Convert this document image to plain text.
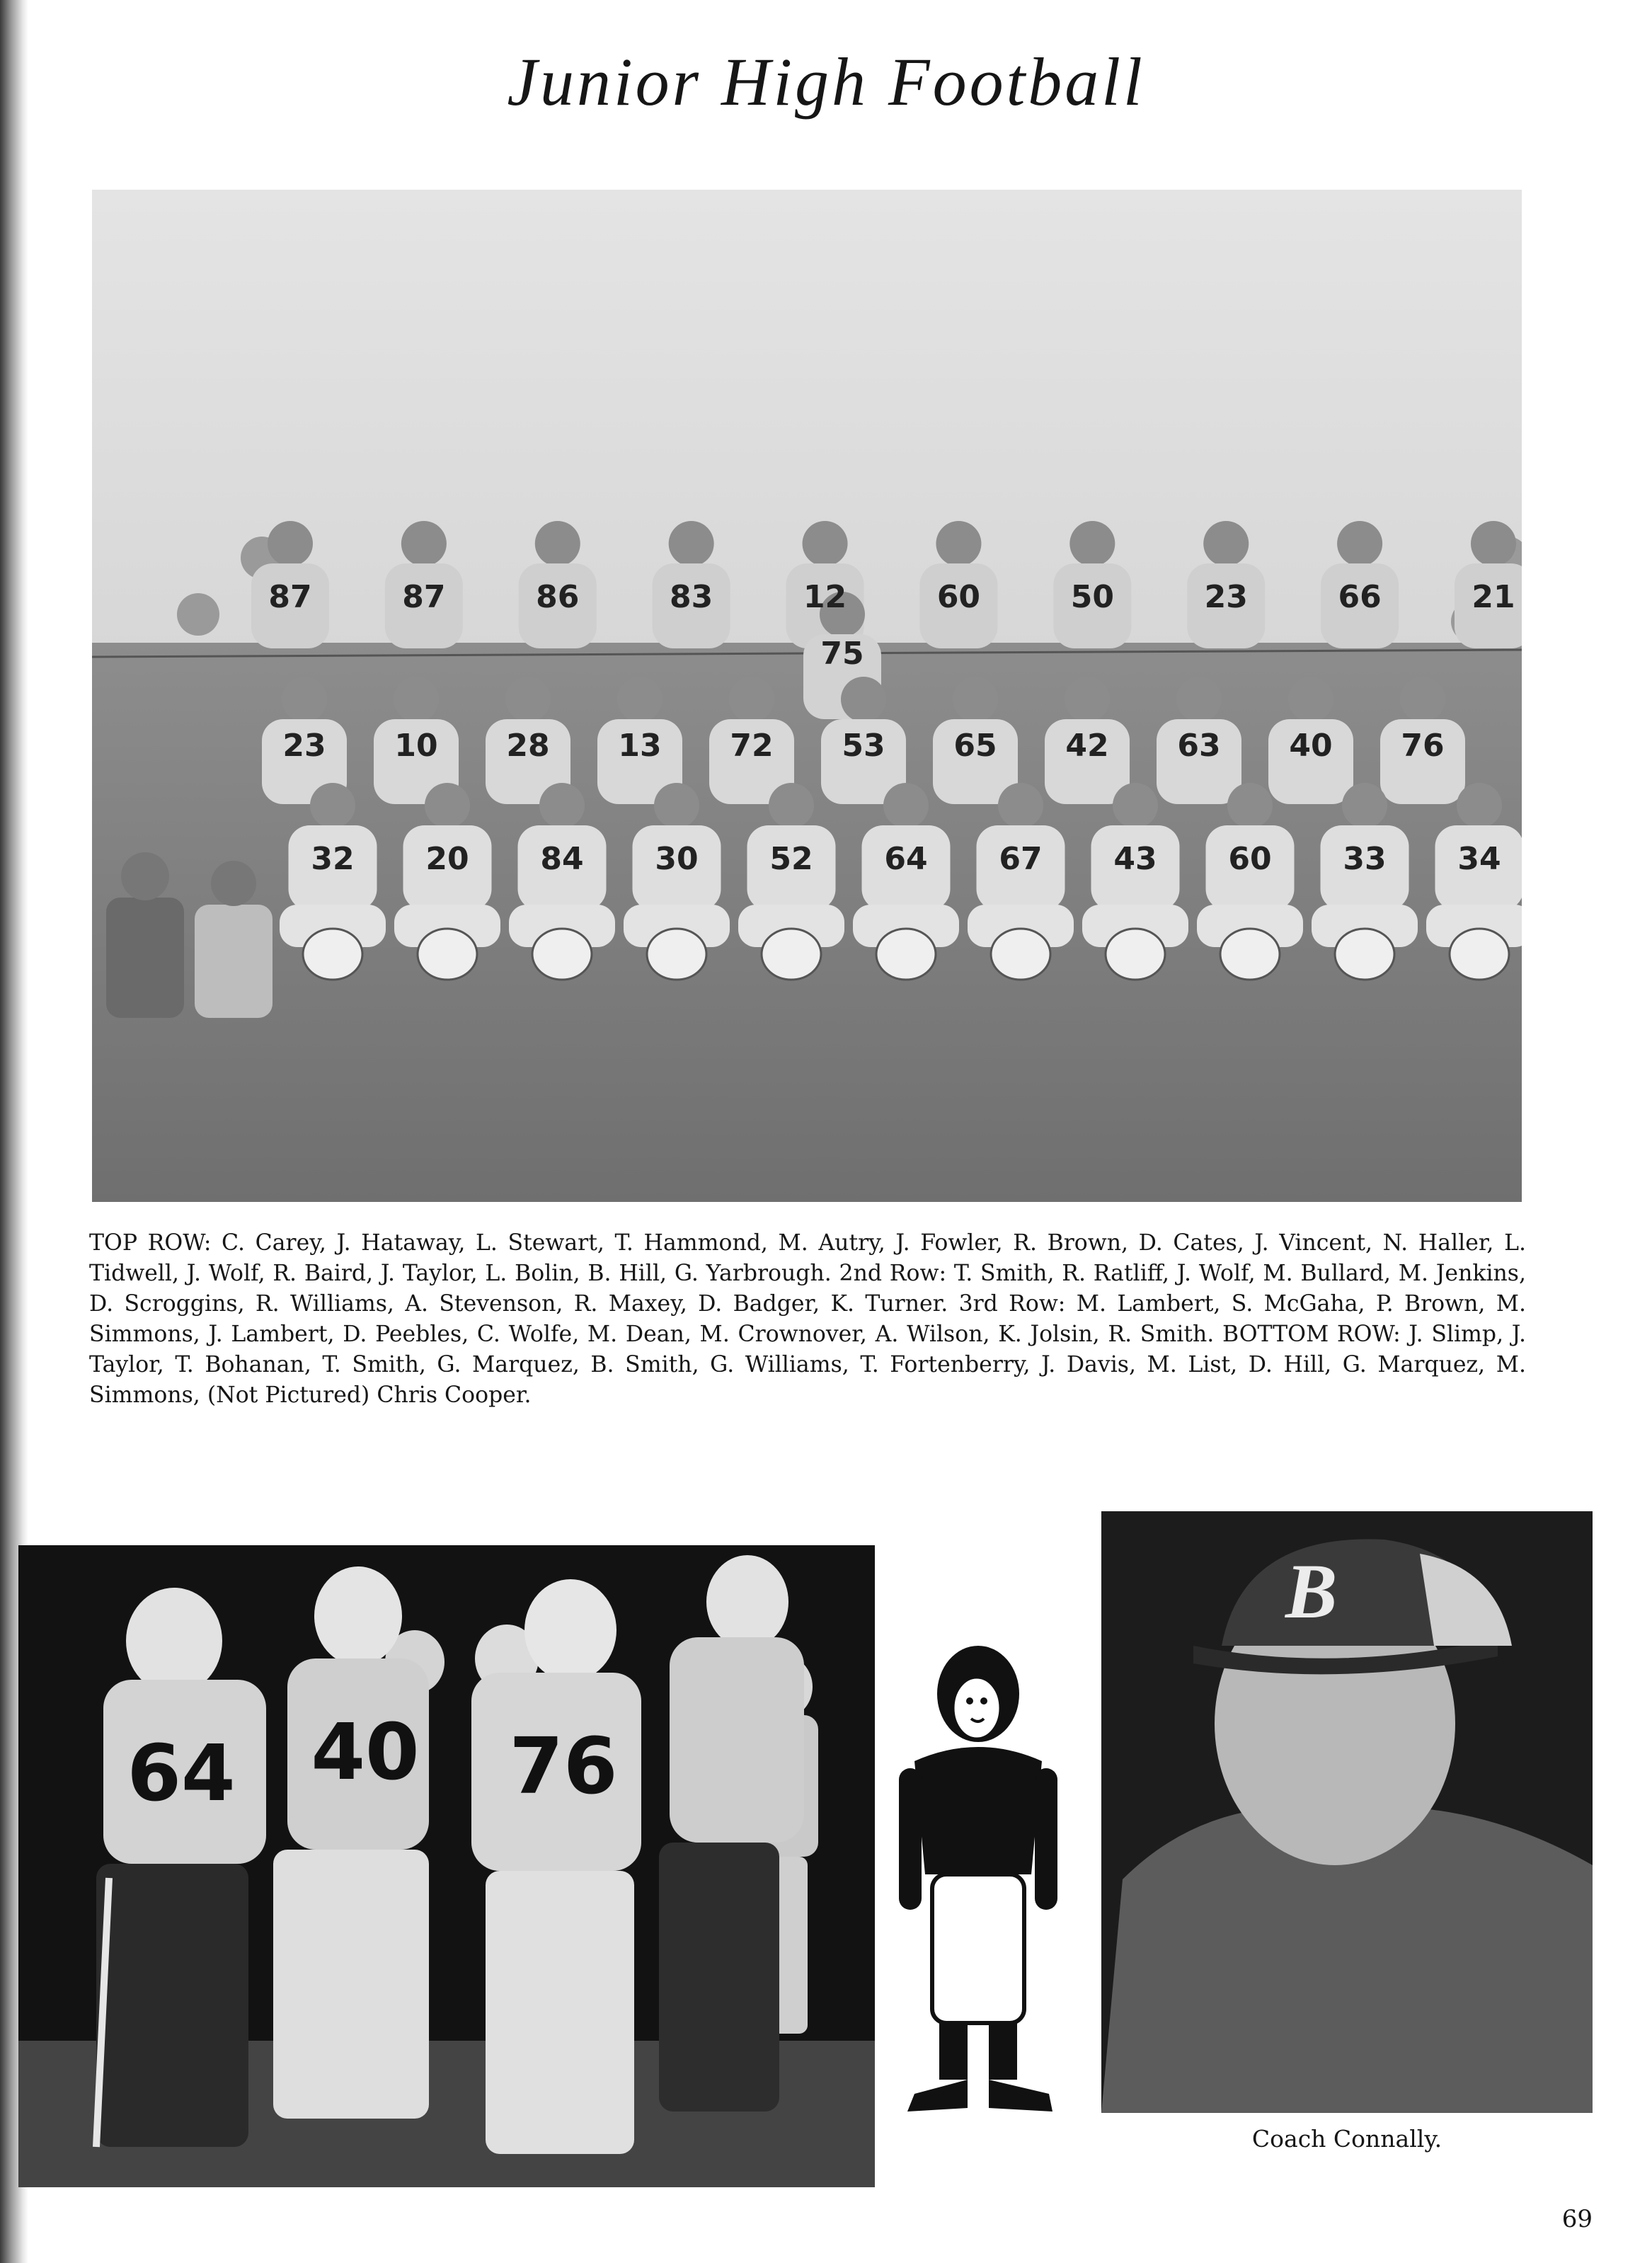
Junior High Football
87	87	86	83	12	60	50	23	66	21
75
23 10 28 13 72 53 65 42 63 40 76
32 20 84 30 52 64 67 43 60 33 34

TOP ROW: C. Carey, J. Hataway, L. Stewart, T. Hammond, M. Autry, J. Fowler, R. Brown, D. Cates, J. Vincent, N. Haller, L. Tidwell, J. Wolf, R. Baird, J. Taylor, L. Bolin, B. Hill, G. Yarbrough. 2nd Row: T. Smith, R. Ratliff, J. Wolf, M. Bullard, M. Jenkins, D. Scroggins, R. Williams, A. Stevenson, R. Maxey, D. Badger, K. Turner. 3rd Row: M. Lambert, S. McGaha, P. Brown, M. Simmons, J. Lambert, D. Peebles, C. Wolfe, M. Dean, M. Crownover, A. Wilson, K. Jolsin, R. Smith. BOTTOM ROW: J. Slimp, J. Taylor, T. Bohanan, T. Smith, G. Marquez, B. Smith, G. Williams, T. Fortenberry, J. Davis, M. List, D. Hill, G. Marquez, M. Simmons, (Not Pictured) Chris Cooper.

64 40 76
B

Coach Connally.

69
